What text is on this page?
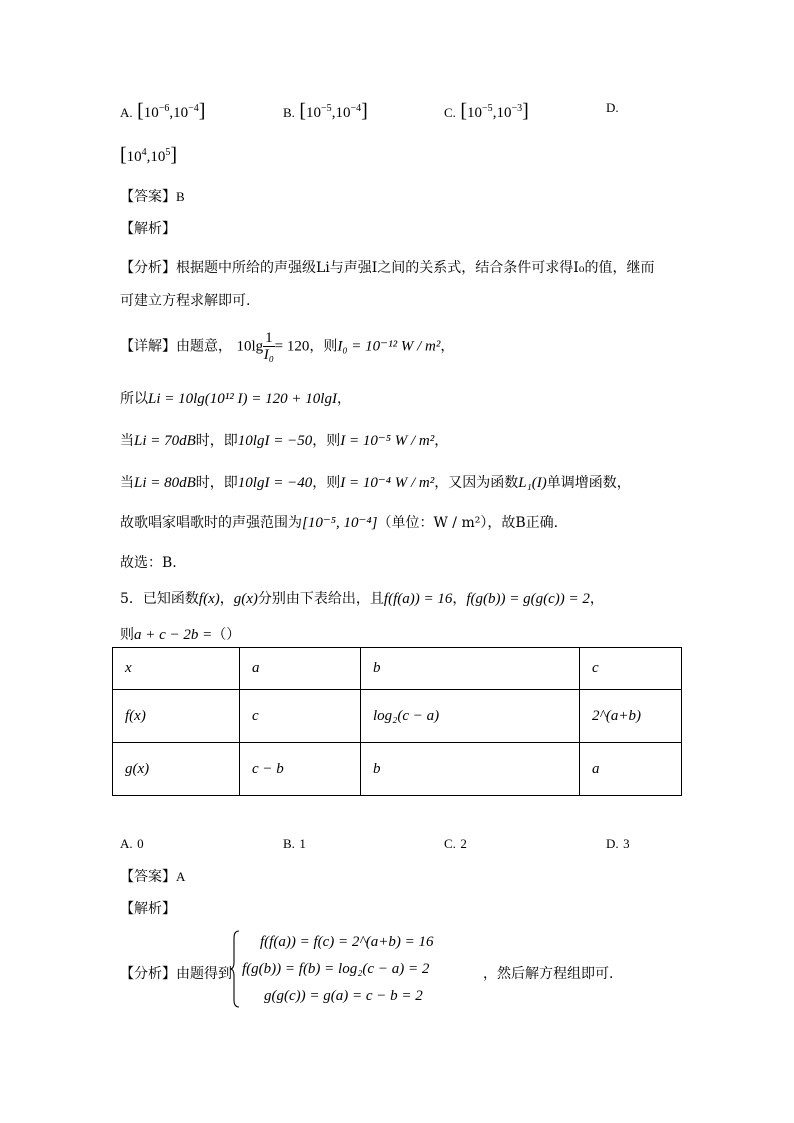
A. $[10^{-6},10^{-4}]$	B. $[10^{-5},10^{-4}]$	C. $[10^{-5},10^{-3}]$	D.
$[10^4,10^5]$
【答案】B
【解析】
【分析】根据题中所给的声强级Li与声强I之间的关系式，结合条件可求得I₀的值，继而
可建立方程求解即可.
【详解】由题意， $10\lg \frac{1}{\text{I₀}} = 120$，则I₀ = 10⁻¹² W / m²，
所以Li = 10lg(10¹² I) = 120 + 10lgI，
当Li = 70dB时，即10lgI = −50，则I = 10⁻⁵ W / m²，
当Li = 80dB时，即10lgI = −40，则I = 10⁻⁴ W / m²，又因为函数L₁(I)单调增函数，
故歌唱家唱歌时的声强范围为[10⁻⁵, 10⁻⁴]（单位：W / m²），故B正确.
故选：B.
5．已知函数f(x)，g(x)分别由下表给出，且f(f(a)) = 16，f(g(b)) = g(g(c)) = 2，
则a + c − 2b =（）
x	a	b	c
f(x)	c	log₂(c − a)	2^(a+b)
g(x)	c − b	b	a
A. 0	B. 1	C. 2	D. 3
【答案】A
【解析】
【分析】由题得到
f(f(a)) = f(c) = 2^(a+b) = 16
f(g(b)) = f(b) = log₂(c − a) = 2
g(g(c)) = g(a) = c − b = 2
，然后解方程组即可.
